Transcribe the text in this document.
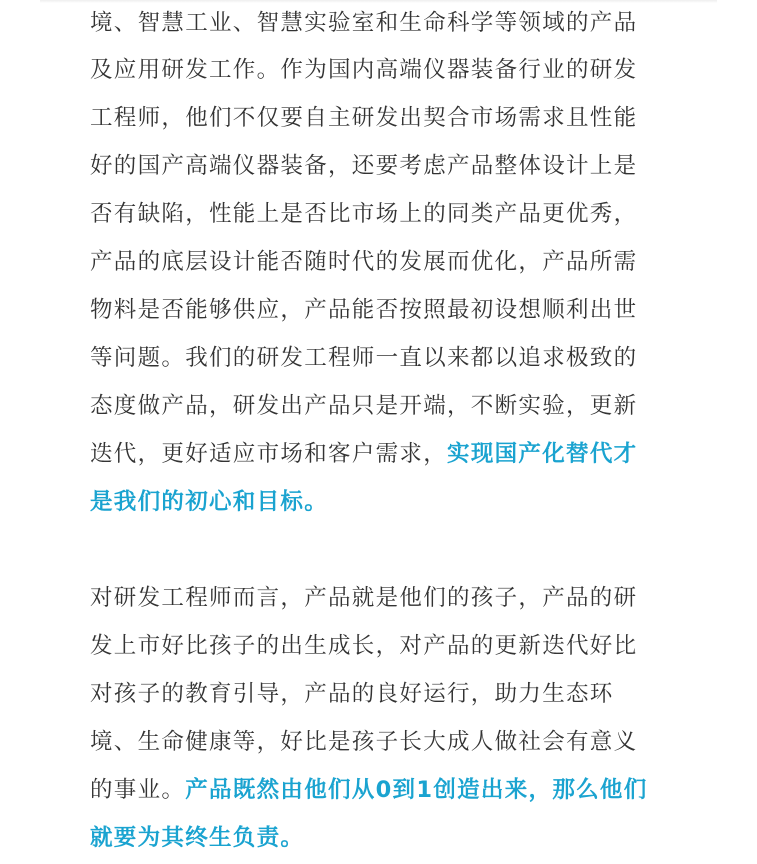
境、智慧工业、智慧实验室和生命科学等领域的产品
及应用研发工作。作为国内高端仪器装备行业的研发
工程师，他们不仅要自主研发出契合市场需求且性能
好的国产高端仪器装备，还要考虑产品整体设计上是
否有缺陷，性能上是否比市场上的同类产品更优秀，
产品的底层设计能否随时代的发展而优化，产品所需
物料是否能够供应，产品能否按照最初设想顺利出世
等问题。我们的研发工程师一直以来都以追求极致的
态度做产品，研发出产品只是开端，不断实验，更新
迭代，更好适应市场和客户需求，实现国产化替代才
是我们的初心和目标。
对研发工程师而言，产品就是他们的孩子，产品的研
发上市好比孩子的出生成长，对产品的更新迭代好比
对孩子的教育引导，产品的良好运行，助力生态环
境、生命健康等，好比是孩子长大成人做社会有意义
的事业。产品既然由他们从0到1创造出来，那么他们
就要为其终生负责。
